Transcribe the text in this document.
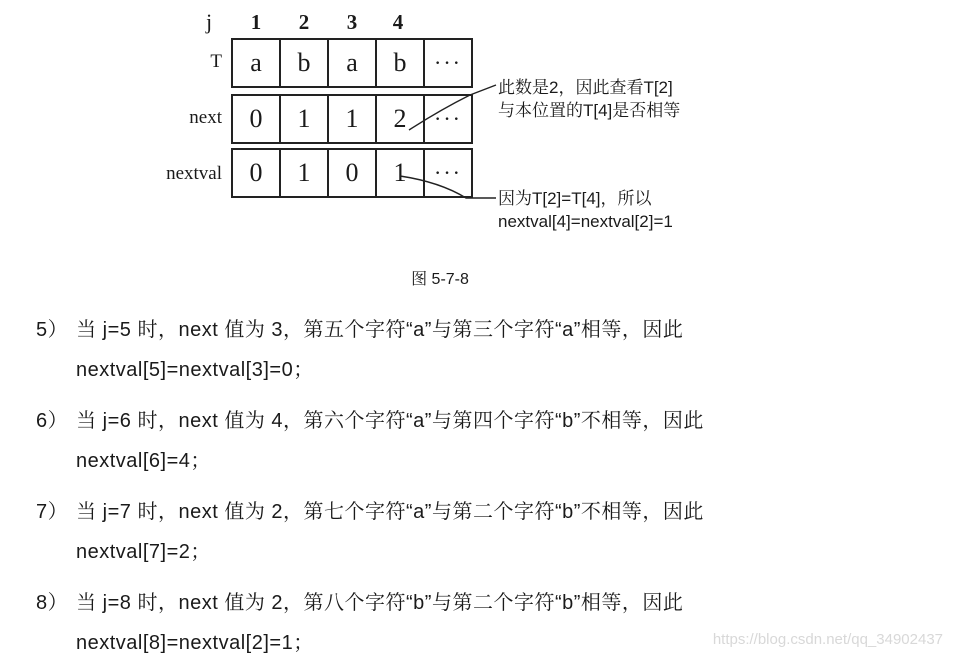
j	1	2	3	4
T	a	b	a	b	···
next	0	1	1	2	···
nextval	0	1	0	1	···
此数是2，因此查看T[2]
与本位置的T[4]是否相等
因为T[2]=T[4]，所以
nextval[4]=nextval[2]=1
图 5-7-8
5） 当 j=5 时，next 值为 3，第五个字符“a”与第三个字符“a”相等，因此
nextval[5]=nextval[3]=0；
6） 当 j=6 时，next 值为 4，第六个字符“a”与第四个字符“b”不相等，因此
nextval[6]=4；
7） 当 j=7 时，next 值为 2，第七个字符“a”与第二个字符“b”不相等，因此
nextval[7]=2；
8） 当 j=8 时，next 值为 2，第八个字符“b”与第二个字符“b”相等，因此
nextval[8]=nextval[2]=1；	https://blog.csdn.net/qq_34902437
